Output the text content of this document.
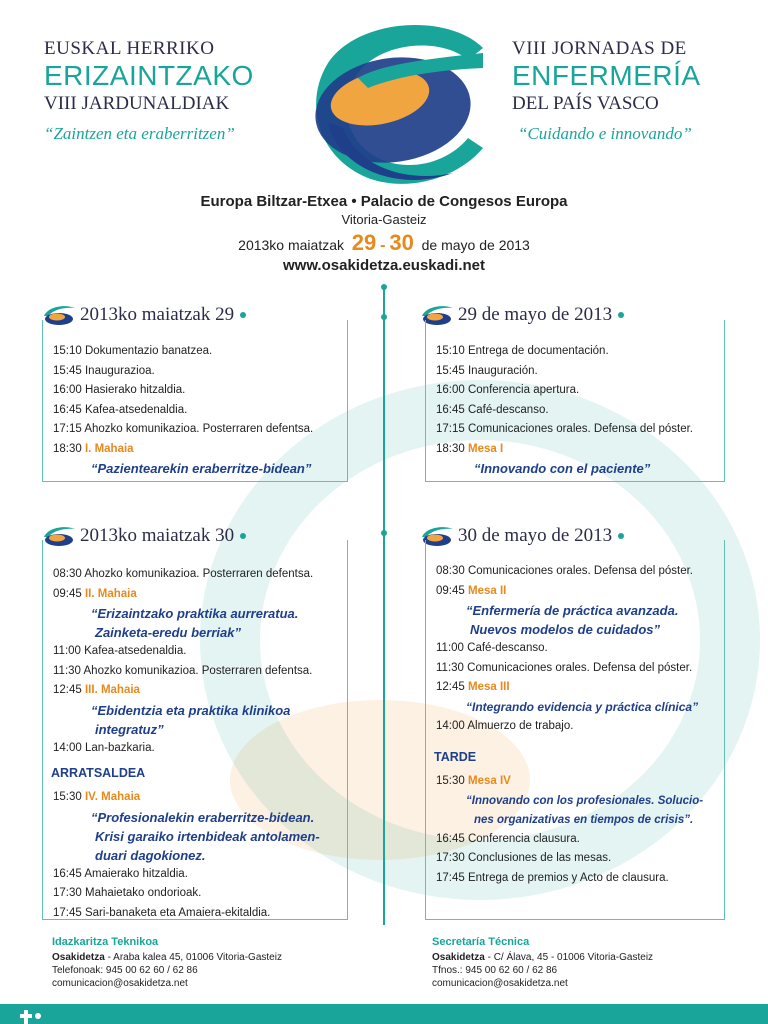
EUSKAL HERRIKO
ERIZAINTZAKO
VIII JARDUNALDIAK
“Zaintzen eta eraberritzen”
VIII JORNADAS DE
ENFERMERÍA
DEL PAÍS VASCO
“Cuidando e innovando”
Europa Biltzar-Etxea • Palacio de Congesos Europa
Vitoria-Gasteiz
2013ko maiatzak 29 - 30 de mayo de 2013
www.osakidetza.euskadi.net
2013ko maiatzak 29
15:10 Dokumentazio banatzea.
15:45 Inaugurazioa.
16:00 Hasierako hitzaldia.
16:45 Kafea-atsedenaldia.
17:15 Ahozko komunikazioa. Posterraren defentsa.
18:30 I. Mahaia
“Pazientearekin eraberritze-bidean”
29 de mayo de 2013
15:10 Entrega de documentación.
15:45 Inauguración.
16:00 Conferencia apertura.
16:45 Café-descanso.
17:15 Comunicaciones orales. Defensa del póster.
18:30 Mesa I
“Innovando con el paciente”
2013ko maiatzak 30
08:30 Ahozko komunikazioa. Posterraren defentsa.
09:45 II. Mahaia
“Erizaintzako praktika aurreratua.
Zainketa-eredu berriak”
11:00 Kafea-atsedenaldia.
11:30 Ahozko komunikazioa. Posterraren defentsa.
12:45 III. Mahaia
“Ebidentzia eta praktika klinikoa
integratuz”
14:00 Lan-bazkaria.
ARRATSALDEA
15:30 IV. Mahaia
“Profesionalekin eraberritze-bidean.
Krisi garaiko irtenbideak antolamen-
duari dagokionez.
16:45 Amaierako hitzaldia.
17:30 Mahaietako ondorioak.
17:45 Sari-banaketa eta Amaiera-ekitaldia.
30 de mayo de 2013
08:30 Comunicaciones orales. Defensa del póster.
09:45 Mesa II
“Enfermería de práctica avanzada.
Nuevos modelos de cuidados”
11:00 Café-descanso.
11:30 Comunicaciones orales. Defensa del póster.
12:45 Mesa III
“Integrando evidencia y práctica clínica”
14:00 Almuerzo de trabajo.
TARDE
15:30 Mesa IV
“Innovando con los profesionales. Solucio-
nes organizativas en tiempos de crisis”.
16:45 Conferencia clausura.
17:30 Conclusiones de las mesas.
17:45 Entrega de premios y Acto de clausura.
Idazkaritza Teknikoa
Osakidetza - Araba kalea 45, 01006 Vitoria-Gasteiz
Telefonoak: 945 00 62 60 / 62 86
comunicacion@osakidetza.net
Secretaría Técnica
Osakidetza - C/ Álava, 45 - 01006 Vitoria-Gasteiz
Tfnos.: 945 00 62 60 / 62 86
comunicacion@osakidetza.net
